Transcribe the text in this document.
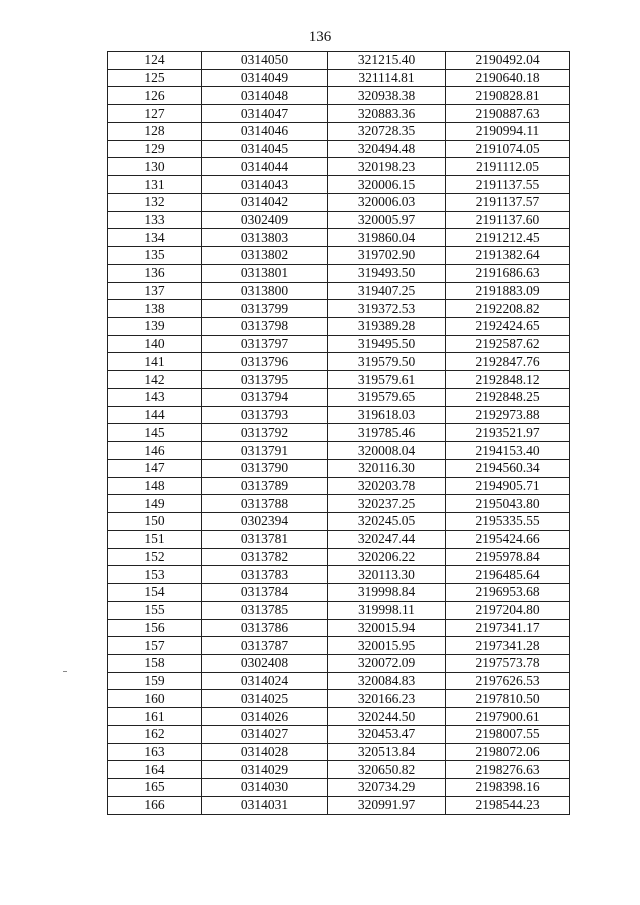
136
124	0314050	321215.40	2190492.04
125	0314049	321114.81	2190640.18
126	0314048	320938.38	2190828.81
127	0314047	320883.36	2190887.63
128	0314046	320728.35	2190994.11
129	0314045	320494.48	2191074.05
130	0314044	320198.23	2191112.05
131	0314043	320006.15	2191137.55
132	0314042	320006.03	2191137.57
133	0302409	320005.97	2191137.60
134	0313803	319860.04	2191212.45
135	0313802	319702.90	2191382.64
136	0313801	319493.50	2191686.63
137	0313800	319407.25	2191883.09
138	0313799	319372.53	2192208.82
139	0313798	319389.28	2192424.65
140	0313797	319495.50	2192587.62
141	0313796	319579.50	2192847.76
142	0313795	319579.61	2192848.12
143	0313794	319579.65	2192848.25
144	0313793	319618.03	2192973.88
145	0313792	319785.46	2193521.97
146	0313791	320008.04	2194153.40
147	0313790	320116.30	2194560.34
148	0313789	320203.78	2194905.71
149	0313788	320237.25	2195043.80
150	0302394	320245.05	2195335.55
151	0313781	320247.44	2195424.66
152	0313782	320206.22	2195978.84
153	0313783	320113.30	2196485.64
154	0313784	319998.84	2196953.68
155	0313785	319998.11	2197204.80
156	0313786	320015.94	2197341.17
157	0313787	320015.95	2197341.28
158	0302408	320072.09	2197573.78
159	0314024	320084.83	2197626.53
160	0314025	320166.23	2197810.50
161	0314026	320244.50	2197900.61
162	0314027	320453.47	2198007.55
163	0314028	320513.84	2198072.06
164	0314029	320650.82	2198276.63
165	0314030	320734.29	2198398.16
166	0314031	320991.97	2198544.23
